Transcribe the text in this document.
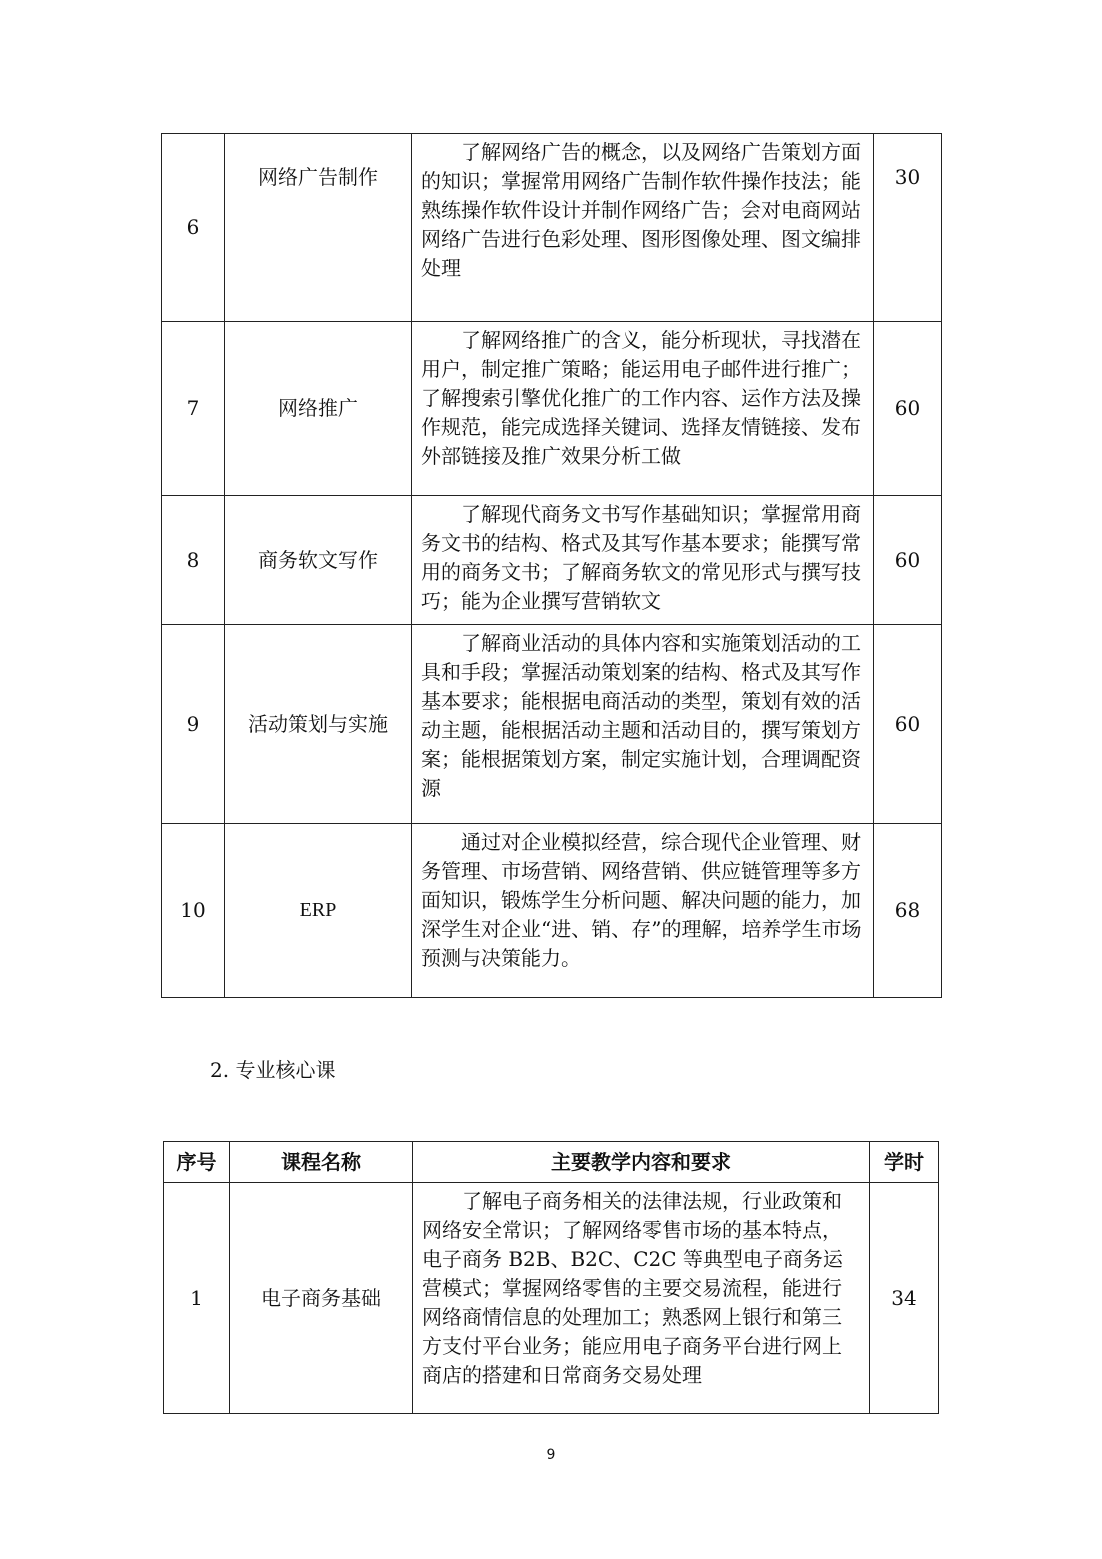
6	网络广告制作	了解网络广告的概念，以及网络广告策划方面的知识；掌握常用网络广告制作软件操作技法；能熟练操作软件设计并制作网络广告；会对电商网站网络广告进行色彩处理、图形图像处理、图文编排处理	30
7	网络推广	了解网络推广的含义，能分析现状，寻找潜在用户，制定推广策略；能运用电子邮件进行推广；了解搜索引擎优化推广的工作内容、运作方法及操作规范，能完成选择关键词、选择友情链接、发布外部链接及推广效果分析工做	60
8	商务软文写作	了解现代商务文书写作基础知识；掌握常用商务文书的结构、格式及其写作基本要求；能撰写常用的商务文书；了解商务软文的常见形式与撰写技巧；能为企业撰写营销软文	60
9	活动策划与实施	了解商业活动的具体内容和实施策划活动的工具和手段；掌握活动策划案的结构、格式及其写作基本要求；能根据电商活动的类型，策划有效的活动主题，能根据活动主题和活动目的，撰写策划方案；能根据策划方案，制定实施计划，合理调配资源	60
10	ERP	通过对企业模拟经营，综合现代企业管理、财务管理、市场营销、网络营销、供应链管理等多方面知识，锻炼学生分析问题、解决问题的能力，加深学生对企业“进、销、存”的理解，培养学生市场预测与决策能力。	68
2. 专业核心课
序号	课程名称	主要教学内容和要求	学时
1	电子商务基础	了解电子商务相关的法律法规，行业政策和网络安全常识；了解网络零售市场的基本特点，电子商务 B2B、B2C、C2C 等典型电子商务运营模式；掌握网络零售的主要交易流程，能进行网络商情信息的处理加工；熟悉网上银行和第三方支付平台业务；能应用电子商务平台进行网上商店的搭建和日常商务交易处理	34
9
